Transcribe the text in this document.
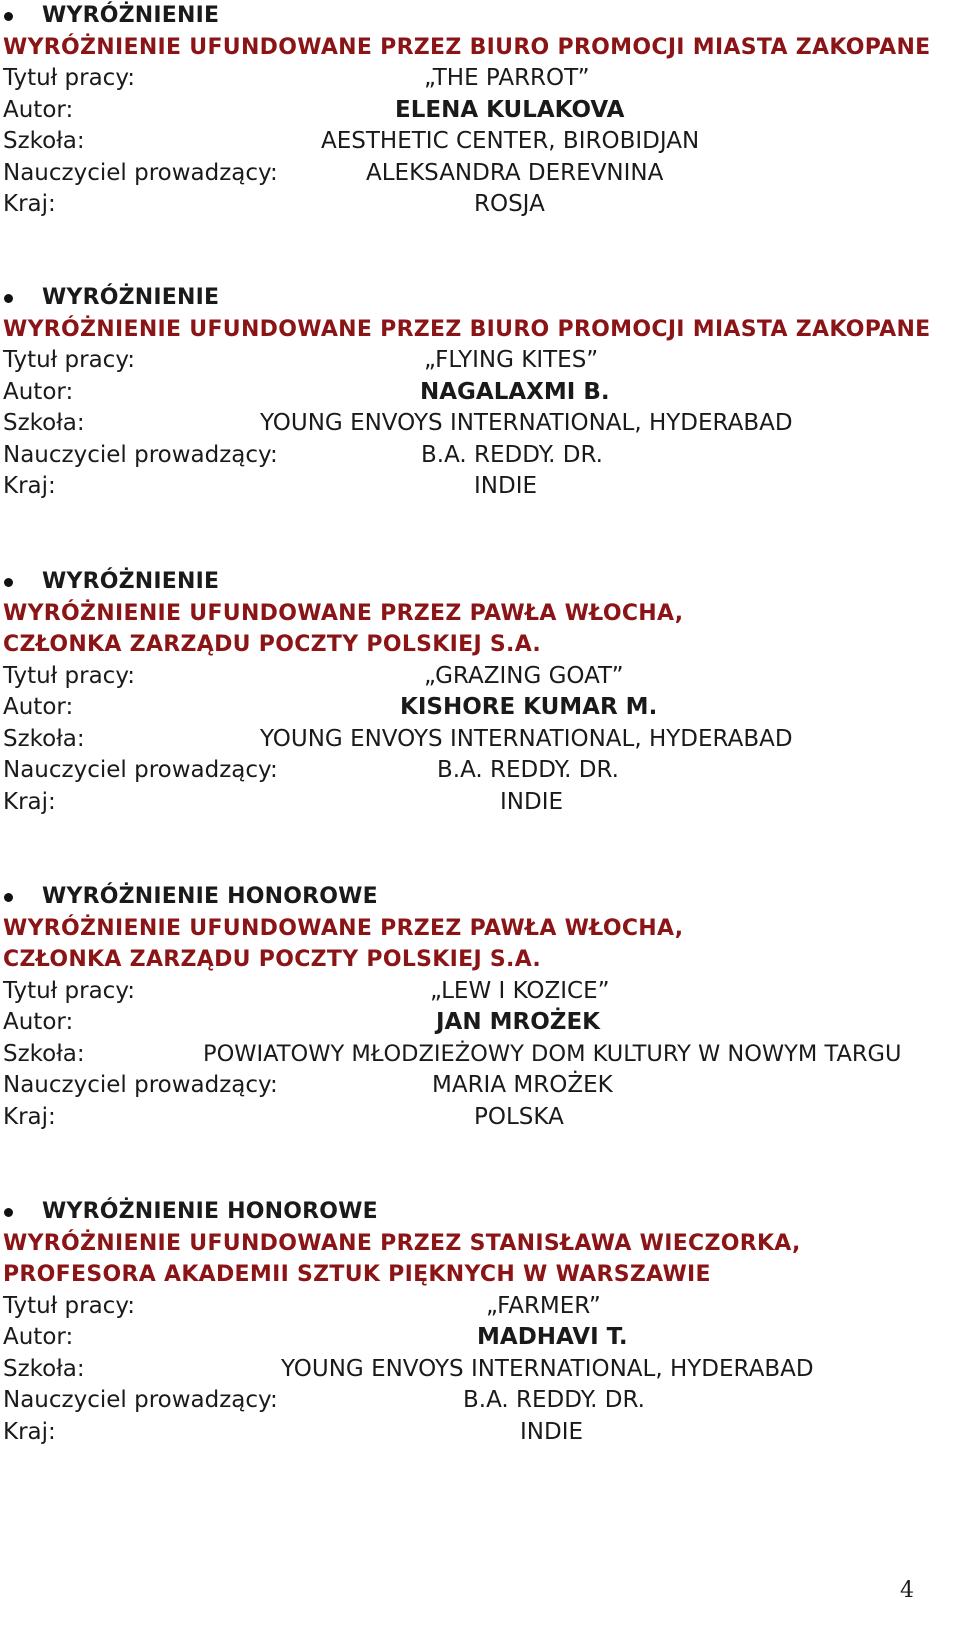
WYRÓŻNIENIE
WYRÓŻNIENIE UFUNDOWANE PRZEZ BIURO PROMOCJI MIASTA ZAKOPANE
Tytuł pracy:	„THE PARROT”
Autor:	ELENA KULAKOVA
Szkoła:	AESTHETIC CENTER, BIROBIDJAN
Nauczyciel prowadzący:	ALEKSANDRA DEREVNINA
Kraj:	ROSJA
WYRÓŻNIENIE
WYRÓŻNIENIE UFUNDOWANE PRZEZ BIURO PROMOCJI MIASTA ZAKOPANE
Tytuł pracy:	„FLYING KITES”
Autor:	NAGALAXMI B.
Szkoła:	YOUNG ENVOYS INTERNATIONAL, HYDERABAD
Nauczyciel prowadzący:	B.A. REDDY. DR.
Kraj:	INDIE
WYRÓŻNIENIE
WYRÓŻNIENIE UFUNDOWANE PRZEZ PAWŁA WŁOCHA,
CZŁONKA ZARZĄDU POCZTY POLSKIEJ S.A.
Tytuł pracy:	„GRAZING GOAT”
Autor:	KISHORE KUMAR M.
Szkoła:	YOUNG ENVOYS INTERNATIONAL, HYDERABAD
Nauczyciel prowadzący:	B.A. REDDY. DR.
Kraj:	INDIE
WYRÓŻNIENIE HONOROWE
WYRÓŻNIENIE UFUNDOWANE PRZEZ PAWŁA WŁOCHA,
CZŁONKA ZARZĄDU POCZTY POLSKIEJ S.A.
Tytuł pracy:	„LEW I KOZICE”
Autor:	JAN MROŻEK
Szkoła:	POWIATOWY MŁODZIEŻOWY DOM KULTURY W NOWYM TARGU
Nauczyciel prowadzący:	MARIA MROŻEK
Kraj:	POLSKA
WYRÓŻNIENIE HONOROWE
WYRÓŻNIENIE UFUNDOWANE PRZEZ STANISŁAWA WIECZORKA,
PROFESORA AKADEMII SZTUK PIĘKNYCH W WARSZAWIE
Tytuł pracy:	„FARMER”
Autor:	MADHAVI T.
Szkoła:	YOUNG ENVOYS INTERNATIONAL, HYDERABAD
Nauczyciel prowadzący:	B.A. REDDY. DR.
Kraj:	INDIE
4
